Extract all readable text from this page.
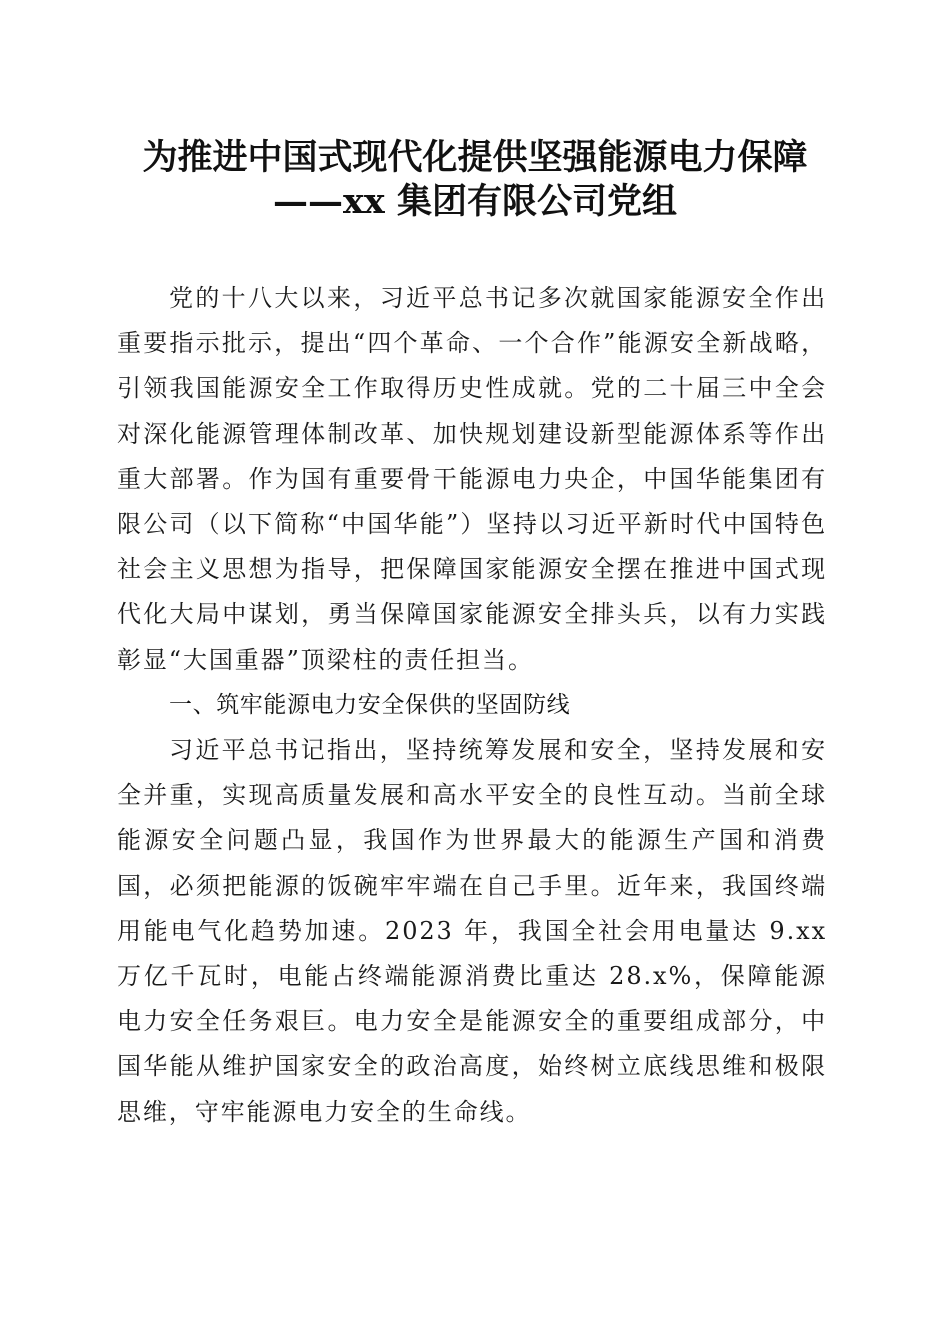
为推进中国式现代化提供坚强能源电力保障
——xx 集团有限公司党组

党的十八大以来，习近平总书记多次就国家能源安全作出重要指示批示，提出“四个革命、一个合作”能源安全新战略，引领我国能源安全工作取得历史性成就。党的二十届三中全会对深化能源管理体制改革、加快规划建设新型能源体系等作出重大部署。作为国有重要骨干能源电力央企，中国华能集团有限公司（以下简称“中国华能”）坚持以习近平新时代中国特色社会主义思想为指导，把保障国家能源安全摆在推进中国式现代化大局中谋划，勇当保障国家能源安全排头兵，以有力实践彰显“大国重器”顶梁柱的责任担当。

一、筑牢能源电力安全保供的坚固防线

习近平总书记指出，坚持统筹发展和安全，坚持发展和安全并重，实现高质量发展和高水平安全的良性互动。当前全球能源安全问题凸显，我国作为世界最大的能源生产国和消费国，必须把能源的饭碗牢牢端在自己手里。近年来，我国终端用能电气化趋势加速。2023 年，我国全社会用电量达 9.xx 万亿千瓦时，电能占终端能源消费比重达 28.x%，保障能源电力安全任务艰巨。电力安全是能源安全的重要组成部分，中国华能从维护国家安全的政治高度，始终树立底线思维和极限思维，守牢能源电力安全的生命线。
